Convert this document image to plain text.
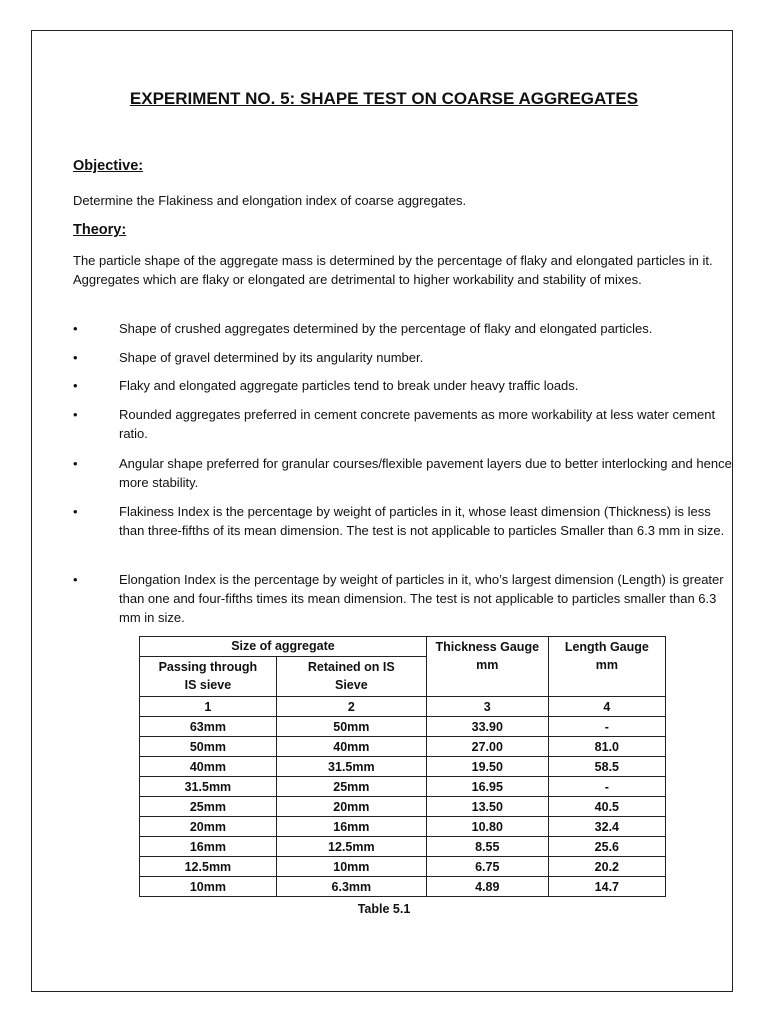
EXPERIMENT NO. 5: SHAPE TEST ON COARSE AGGREGATES
Objective:
Determine the Flakiness and elongation index of coarse aggregates.
Theory:
The particle shape of the aggregate mass is determined by the percentage of flaky and elongated particles in it. Aggregates which are flaky or elongated are detrimental to higher workability and stability of mixes.
•	Shape of crushed aggregates determined by the percentage of flaky and elongated particles.
•	Shape of gravel determined by its angularity number.
•	Flaky and elongated aggregate particles tend to break under heavy traffic loads.
•	Rounded aggregates preferred in cement concrete pavements as more workability at less water cement ratio.
•	Angular shape preferred for granular courses/flexible pavement layers due to better interlocking and hence more stability.
•	Flakiness Index is the percentage by weight of particles in it, whose least dimension (Thickness) is less than three-fifths of its mean dimension. The test is not applicable to particles Smaller than 6.3 mm in size.
•	Elongation Index is the percentage by weight of particles in it, who’s largest dimension (Length) is greater than one and four-fifths times its mean dimension. The test is not applicable to particles smaller than 6.3 mm in size.
Size of aggregate		Thickness Gauge mm	Length Gauge mm
Passing through IS sieve	Retained on IS Sieve		
1	2	3	4
63mm	50mm	33.90	-
50mm	40mm	27.00	81.0
40mm	31.5mm	19.50	58.5
31.5mm	25mm	16.95	-
25mm	20mm	13.50	40.5
20mm	16mm	10.80	32.4
16mm	12.5mm	8.55	25.6
12.5mm	10mm	6.75	20.2
10mm	6.3mm	4.89	14.7
Table 5.1
